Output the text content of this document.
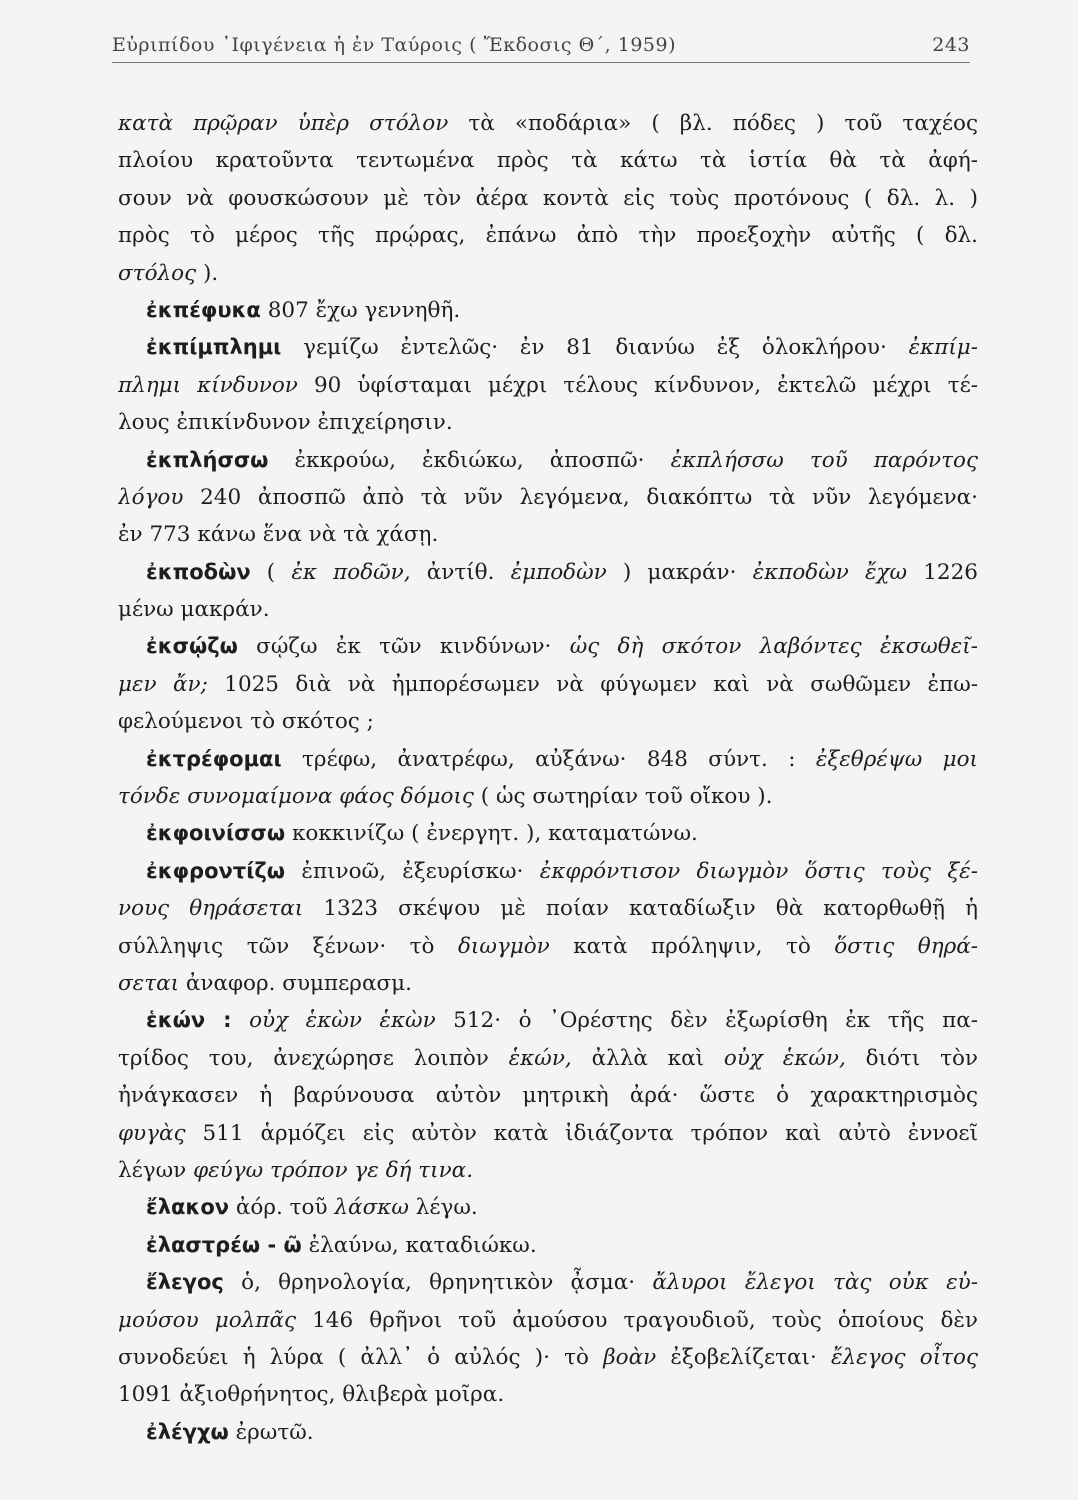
Εὐριπίδου ᾽Ιφιγένεια ἡ ἐν Ταύροις ( Ἔκδοσις Θ΄, 1959)	243
κατὰ πρῷραν ὑπὲρ στόλον τὰ «ποδάρια» ( βλ. πόδες ) τοῦ ταχέος
πλοίου κρατοῦντα τεντωμένα πρὸς τὰ κάτω τὰ ἱστία θὰ τὰ ἀφή-
σουν νὰ φουσκώσουν μὲ τὸν ἀέρα κοντὰ εἰς τοὺς προτόνους ( δλ. λ. )
πρὸς τὸ μέρος τῆς πρῴρας, ἐπάνω ἀπὸ τὴν προεξοχὴν αὐτῆς ( δλ.
στόλος ).
ἐκπέφυκα 807 ἔχω γεννηθῆ.
ἐκπίμπλημι γεμίζω ἐντελῶς· ἐν 81 διανύω ἐξ ὁλοκλήρου· ἐκπίμ-
πλημι κίνδυνον 90 ὑφίσταμαι μέχρι τέλους κίνδυνον, ἐκτελῶ μέχρι τέ-
λους ἐπικίνδυνον ἐπιχείρησιν.
ἐκπλήσσω ἐκκρούω, ἐκδιώκω, ἀποσπῶ· ἐκπλήσσω τοῦ παρόντος
λόγου 240 ἀποσπῶ ἀπὸ τὰ νῦν λεγόμενα, διακόπτω τὰ νῦν λεγόμενα·
ἐν 773 κάνω ἕνα νὰ τὰ χάσῃ.
ἐκποδὼν ( ἐκ ποδῶν, ἀντίθ. ἐμποδὼν ) μακράν· ἐκποδὼν ἔχω 1226
μένω μακράν.
ἐκσῴζω σῴζω ἐκ τῶν κινδύνων· ὡς δὴ σκότον λαβόντες ἐκσωθεῖ-
μεν ἄν; 1025 διὰ νὰ ἠμπορέσωμεν νὰ φύγωμεν καὶ νὰ σωθῶμεν ἐπω-
φελούμενοι τὸ σκότος ;
ἐκτρέφομαι τρέφω, ἀνατρέφω, αὐξάνω· 848 σύντ. : ἐξεθρέψω μοι
τόνδε συνομαίμονα φάος δόμοις ( ὡς σωτηρίαν τοῦ οἴκου ).
ἐκφοινίσσω κοκκινίζω ( ἐνεργητ. ), καταματώνω.
ἐκφροντίζω ἐπινοῶ, ἐξευρίσκω· ἐκφρόντισον διωγμὸν ὅστις τοὺς ξέ-
νους θηράσεται 1323 σκέψου μὲ ποίαν καταδίωξιν θὰ κατορθωθῇ ἡ
σύλληψις τῶν ξένων· τὸ διωγμὸν κατὰ πρόληψιν, τὸ ὅστις θηρά-
σεται ἀναφορ. συμπερασμ.
ἑκών : οὐχ ἑκὼν ἑκὼν 512· ὁ ᾽Ορέστης δὲν ἐξωρίσθη ἐκ τῆς πα-
τρίδος του, ἀνεχώρησε λοιπὸν ἑκών, ἀλλὰ καὶ οὐχ ἑκών, διότι τὸν
ἠνάγκασεν ἡ βαρύνουσα αὐτὸν μητρικὴ ἀρά· ὥστε ὁ χαρακτηρισμὸς
φυγὰς 511 ἁρμόζει εἰς αὐτὸν κατὰ ἰδιάζοντα τρόπον καὶ αὐτὸ ἐννοεῖ
λέγων φεύγω τρόπον γε δή τινα.
ἔλακον ἀόρ. τοῦ λάσκω λέγω.
ἐλαστρέω - ῶ ἐλαύνω, καταδιώκω.
ἔλεγος ὁ, θρηνολογία, θρηνητικὸν ᾆσμα· ἄλυροι ἔλεγοι τὰς οὐκ εὐ-
μούσου μολπᾶς 146 θρῆνοι τοῦ ἀμούσου τραγουδιοῦ, τοὺς ὁποίους δὲν
συνοδεύει ἡ λύρα ( ἀλλ᾽ ὁ αὐλός )· τὸ βοὰν ἐξοβελίζεται· ἔλεγος οἶτος
1091 ἀξιοθρήνητος, θλιβερὰ μοῖρα.
ἐλέγχω ἐρωτῶ.
